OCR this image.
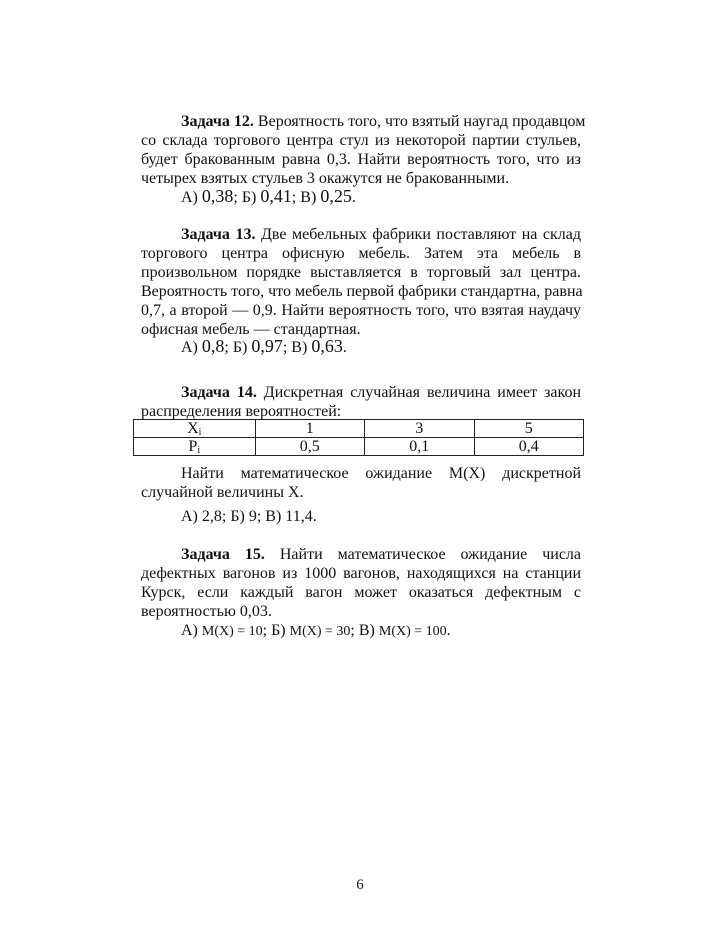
Задача 12. Вероятность того, что взятый наугад продавцом
со склада торгового центра стул из некоторой партии стульев,
будет бракованным равна 0,3. Найти вероятность того, что из
четырех взятых стульев 3 окажутся не бракованными.
А) 0,38; Б) 0,41; В) 0,25.
Задача 13. Две мебельных фабрики поставляют на склад
торгового центра офисную мебель. Затем эта мебель в
произвольном порядке выставляется в торговый зал центра.
Вероятность того, что мебель первой фабрики стандартна, равна
0,7, а второй — 0,9. Найти вероятность того, что взятая наудачу
офисная мебель — стандартная.
А) 0,8; Б) 0,97; В) 0,63.
Задача 14. Дискретная случайная величина имеет закон
распределения вероятностей:
$X_i$	1	3	5
$P_i$	0,5	0,1	0,4
Найти математическое ожидание M(X) дискретной
случайной величины X.
А) 2,8; Б) 9; В) 11,4.
Задача 15. Найти математическое ожидание числа
дефектных вагонов из 1000 вагонов, находящихся на станции
Курск, если каждый вагон может оказаться дефектным с
вероятностью 0,03.
А) M(X) = 10; Б) M(X) = 30; В) M(X) = 100.
6
